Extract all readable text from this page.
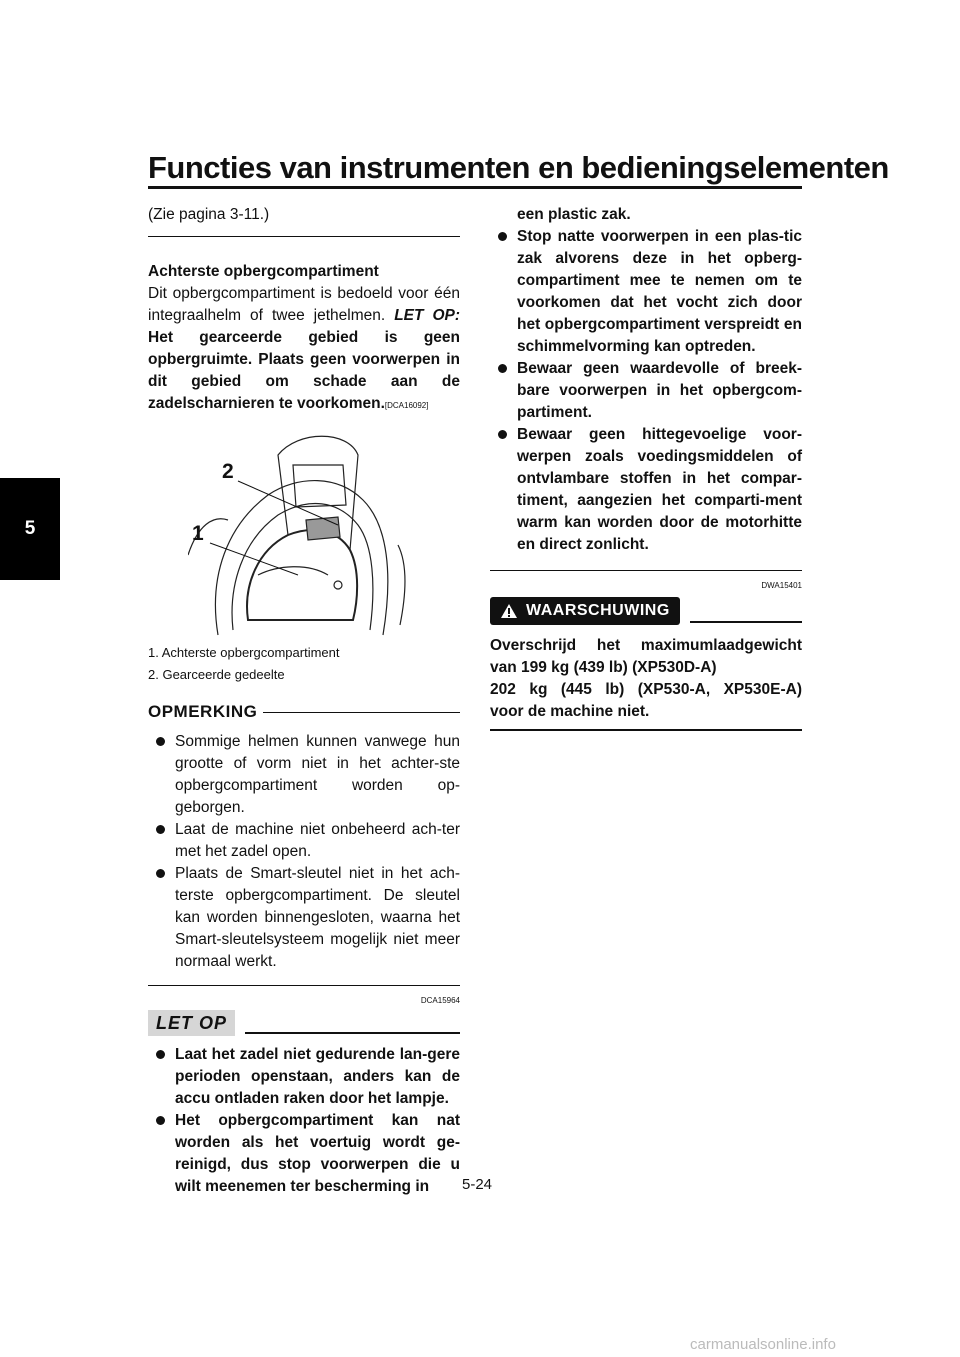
Functies van instrumenten en bedieningselementen
5

(Zie pagina 3-11.)

Achterste opbergcompartiment

Dit opbergcompartiment is bedoeld voor één integraalhelm of twee jethelmen. LET OP: Het gearceerde gebied is geen opbergruimte. Plaats geen voorwerpen in dit gebied om schade aan de zadelscharnieren te voorkomen.[DCA16092]

2
1

1. Achterste opbergcompartiment

2. Gearceerde gedeelte

OPMERKING
Sommige helmen kunnen vanwege hun grootte of vorm niet in het achter-ste opbergcompartiment worden op-geborgen.
Laat de machine niet onbeheerd ach-ter met het zadel open.
Plaats de Smart-sleutel niet in het ach-terste opbergcompartiment. De sleutel kan worden binnengesloten, waarna het Smart-sleutelsysteem mogelijk niet meer normaal werkt.

DCA15964

LET OP
Laat het zadel niet gedurende lan-gere perioden openstaan, anders kan de accu ontladen raken door het lampje.
Het opbergcompartiment kan nat worden als het voertuig wordt ge-reinigd, dus stop voorwerpen die u wilt meenemen ter bescherming in

een plastic zak.

Stop natte voorwerpen in een plas-tic zak alvorens deze in het opberg-compartiment mee te nemen om te voorkomen dat het vocht zich door het opbergcompartiment verspreidt en schimmelvorming kan optreden.
Bewaar geen waardevolle of breek-bare voorwerpen in het opbergcom-partiment.
Bewaar geen hittegevoelige voor-werpen zoals voedingsmiddelen of ontvlambare stoffen in het compar-timent, aangezien het comparti-ment warm kan worden door de motorhitte en direct zonlicht.

DWA15401

WAARSCHUWING

Overschrijd het maximumlaadgewicht

van 199 kg (439 lb) (XP530D-A)

202 kg (445 lb) (XP530-A, XP530E-A)

voor de machine niet.

5-24
carmanualsonline.info
